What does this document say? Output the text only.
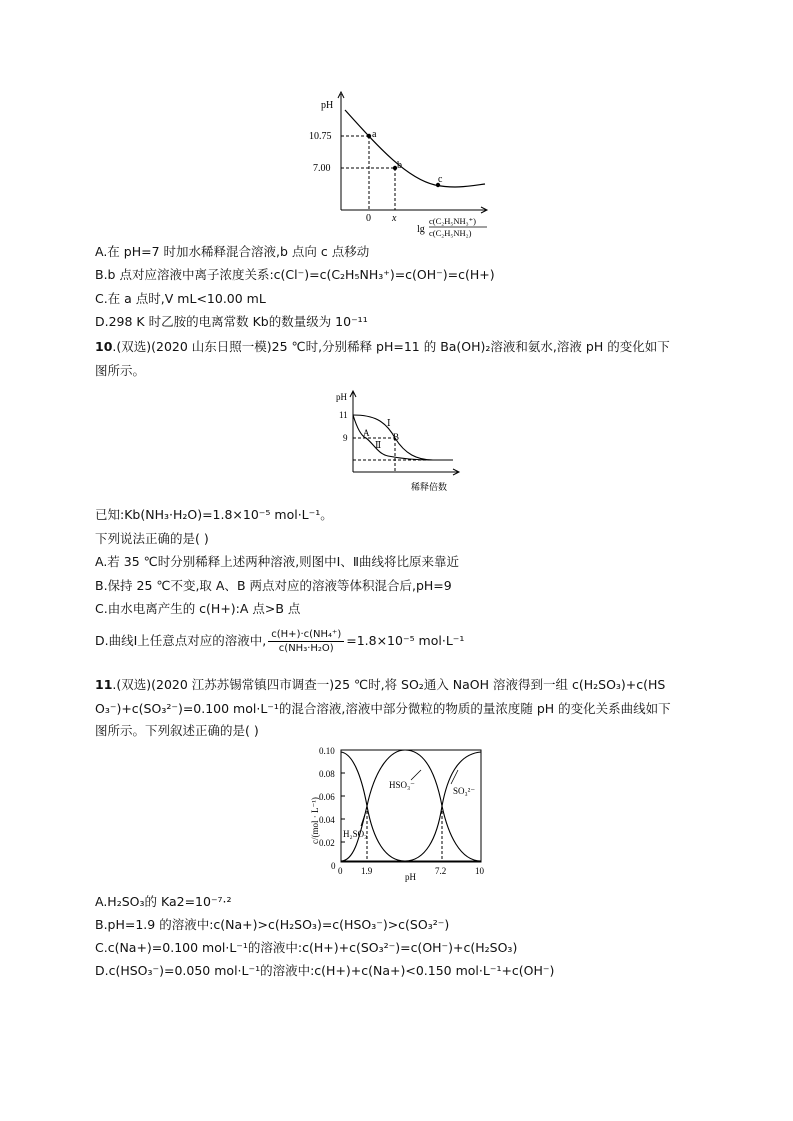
pH
10.75
7.00
a
b
c
0 x
lg
c(C₂H₅NH₃⁺)
c(C₂H₅NH₂)
A.在 pH=7 时加水稀释混合溶液,b 点向 c 点移动
B.b 点对应溶液中离子浓度关系:c(Cl⁻)=c(C₂H₅NH₃⁺)=c(OH⁻)=c(H+)
C.在 a 点时,V mL<10.00 mL
D.298 K 时乙胺的电离常数 Kb的数量级为 10⁻¹¹
10.(双选)(2020 山东日照一模)25 ℃时,分别稀释 pH=11 的 Ba(OH)₂溶液和氨水,溶液 pH 的变化如下
图所示。
pH
11
9 A	B
Ⅰ
Ⅱ
稀释倍数
已知:Kb(NH₃·H₂O)=1.8×10⁻⁵ mol·L⁻¹。
下列说法正确的是( )
A.若 35 ℃时分别稀释上述两种溶液,则图中Ⅰ、Ⅱ曲线将比原来靠近
B.保持 25 ℃不变,取 A、B 两点对应的溶液等体积混合后,pH=9
C.由水电离产生的 c(H+):A 点>B 点
D.曲线Ⅰ上任意点对应的溶液中, $\frac{\text{c(H+)·c(NH₄⁺)}}{\text{c(NH₃·H₂O)}} =1.8\times 10^{-5}$ mol·L⁻¹
11.(双选)(2020 江苏苏锡常镇四市调查一)25 ℃时,将 SO₂通入 NaOH 溶液得到一组 c(H₂SO₃)+c(HS
O₃⁻)+c(SO₃²⁻)=0.100 mol·L⁻¹的混合溶液,溶液中部分微粒的物质的量浓度随 pH 的变化关系曲线如下
图所示。下列叙述正确的是( )
c/(mol · L⁻¹)
0.10
0.08
0.06
0.04
0.02
0
H₂SO₃
HSO₃⁻
SO₃²⁻
0 1.9	7.2	10
pH
A.H₂SO₃的 Ka2=10⁻⁷·²
B.pH=1.9 的溶液中:c(Na+)>c(H₂SO₃)=c(HSO₃⁻)>c(SO₃²⁻)
C.c(Na+)=0.100 mol·L⁻¹的溶液中:c(H+)+c(SO₃²⁻)=c(OH⁻)+c(H₂SO₃)
D.c(HSO₃⁻)=0.050 mol·L⁻¹的溶液中:c(H+)+c(Na+)<0.150 mol·L⁻¹+c(OH⁻)
